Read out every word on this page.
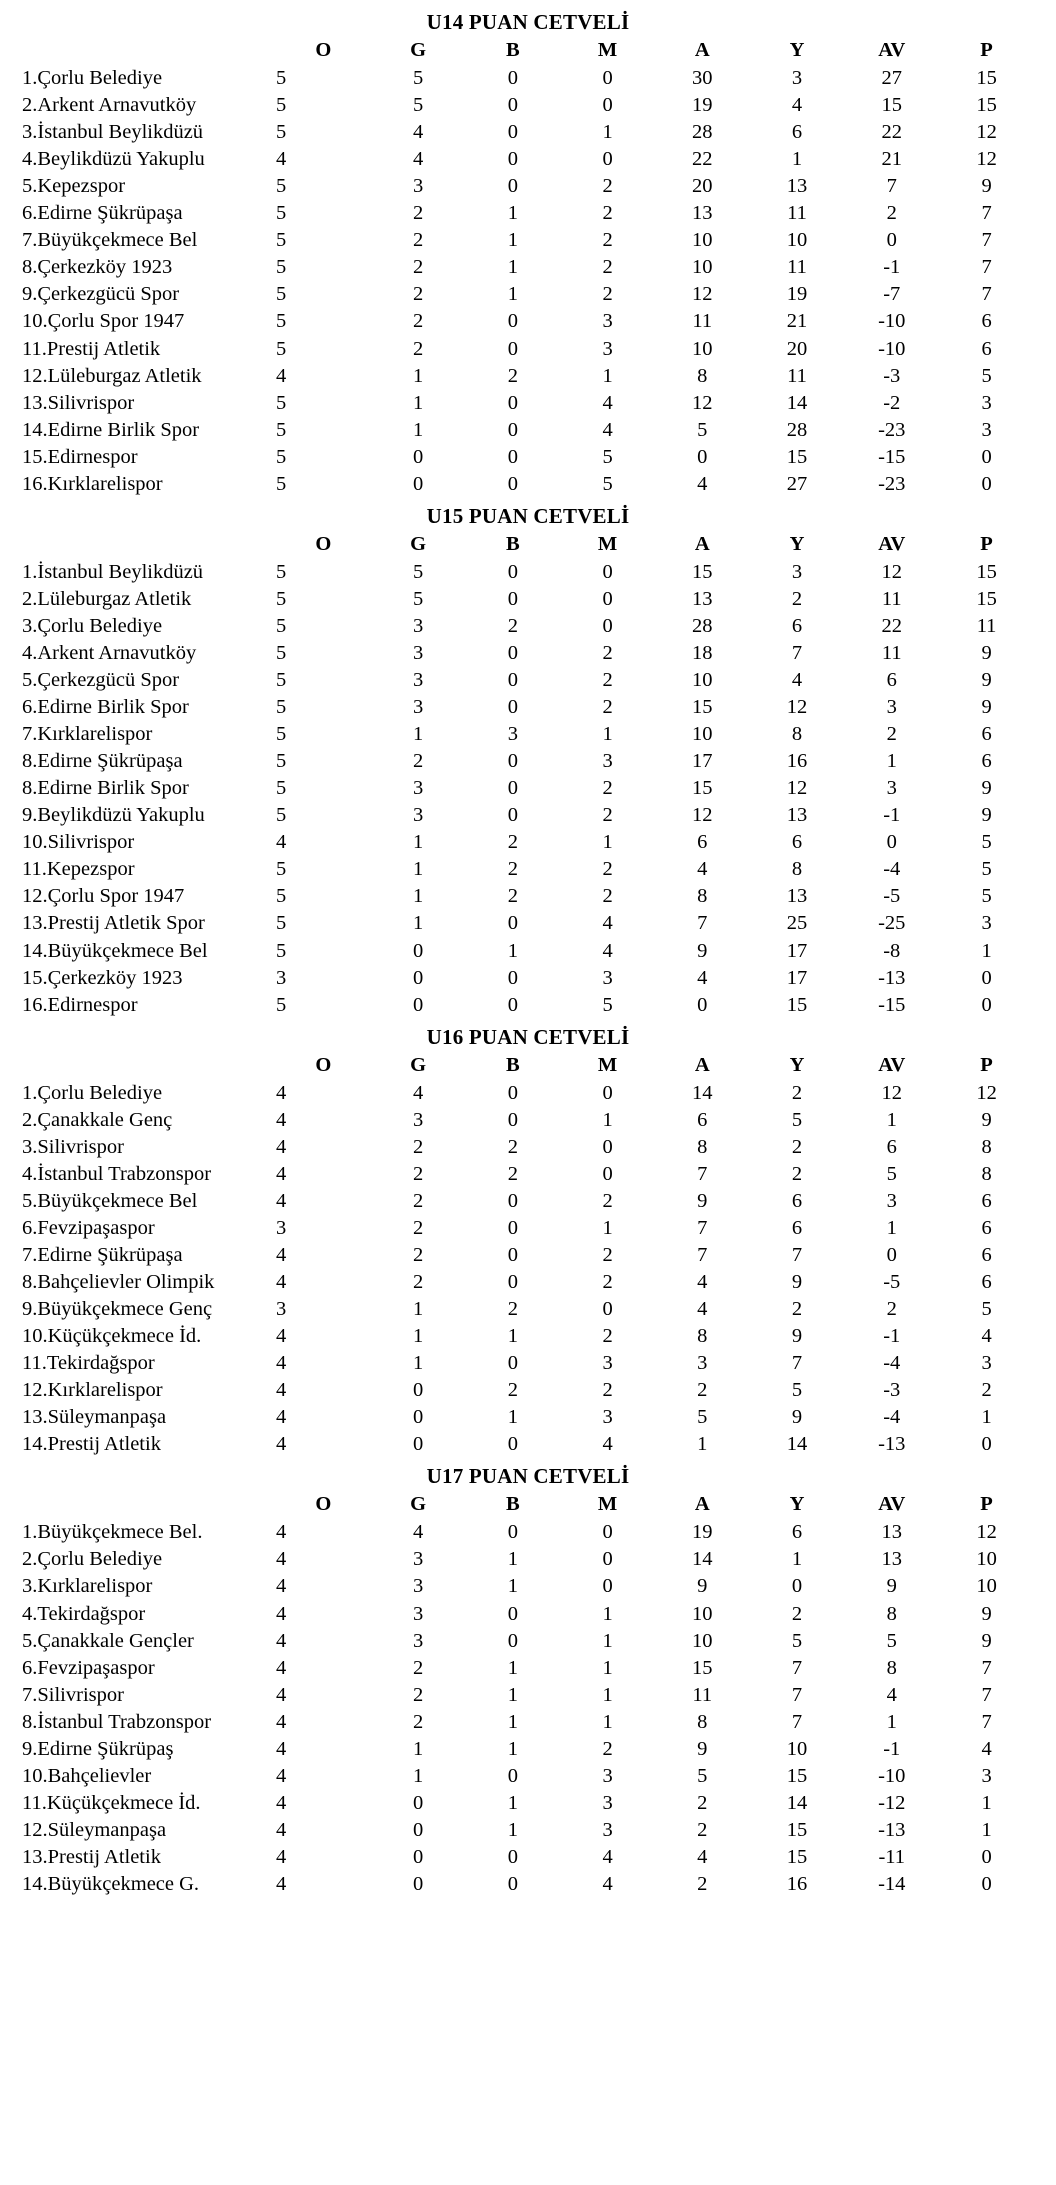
U14 PUAN CETVELİ
	O	G	B	M	A	Y	AV	P
1.Çorlu Belediye	5	5	0	0	30	3	27	15
2.Arkent Arnavutköy	5	5	0	0	19	4	15	15
3.İstanbul Beylikdüzü	5	4	0	1	28	6	22	12
4.Beylikdüzü Yakuplu	4	4	0	0	22	1	21	12
5.Kepezspor	5	3	0	2	20	13	7	9
6.Edirne Şükrüpaşa	5	2	1	2	13	11	2	7
7.Büyükçekmece Bel	5	2	1	2	10	10	0	7
8.Çerkezköy 1923	5	2	1	2	10	11	-1	7
9.Çerkezgücü Spor	5	2	1	2	12	19	-7	7
10.Çorlu Spor 1947	5	2	0	3	11	21	-10	6
11.Prestij Atletik	5	2	0	3	10	20	-10	6
12.Lüleburgaz Atletik	4	1	2	1	8	11	-3	5
13.Silivrispor	5	1	0	4	12	14	-2	3
14.Edirne Birlik Spor	5	1	0	4	5	28	-23	3
15.Edirnespor	5	0	0	5	0	15	-15	0
16.Kırklarelispor	5	0	0	5	4	27	-23	0
U15 PUAN CETVELİ
	O	G	B	M	A	Y	AV	P
1.İstanbul Beylikdüzü	5	5	0	0	15	3	12	15
2.Lüleburgaz Atletik	5	5	0	0	13	2	11	15
3.Çorlu Belediye	5	3	2	0	28	6	22	11
4.Arkent Arnavutköy	5	3	0	2	18	7	11	9
5.Çerkezgücü Spor	5	3	0	2	10	4	6	9
6.Edirne Birlik Spor	5	3	0	2	15	12	3	9
7.Kırklarelispor	5	1	3	1	10	8	2	6
8.Edirne Şükrüpaşa	5	2	0	3	17	16	1	6
8.Edirne Birlik Spor	5	3	0	2	15	12	3	9
9.Beylikdüzü Yakuplu	5	3	0	2	12	13	-1	9
10.Silivrispor	4	1	2	1	6	6	0	5
11.Kepezspor	5	1	2	2	4	8	-4	5
12.Çorlu Spor 1947	5	1	2	2	8	13	-5	5
13.Prestij Atletik Spor	5	1	0	4	7	25	-25	3
14.Büyükçekmece Bel	5	0	1	4	9	17	-8	1
15.Çerkezköy 1923	3	0	0	3	4	17	-13	0
16.Edirnespor	5	0	0	5	0	15	-15	0
U16 PUAN CETVELİ
	O	G	B	M	A	Y	AV	P
1.Çorlu Belediye	4	4	0	0	14	2	12	12
2.Çanakkale Genç	4	3	0	1	6	5	1	9
3.Silivrispor	4	2	2	0	8	2	6	8
4.İstanbul Trabzonspor	4	2	2	0	7	2	5	8
5.Büyükçekmece Bel	4	2	0	2	9	6	3	6
6.Fevzipaşaspor	3	2	0	1	7	6	1	6
7.Edirne Şükrüpaşa	4	2	0	2	7	7	0	6
8.Bahçelievler Olimpik	4	2	0	2	4	9	-5	6
9.Büyükçekmece Genç	3	1	2	0	4	2	2	5
10.Küçükçekmece İd.	4	1	1	2	8	9	-1	4
11.Tekirdağspor	4	1	0	3	3	7	-4	3
12.Kırklarelispor	4	0	2	2	2	5	-3	2
13.Süleymanpaşa	4	0	1	3	5	9	-4	1
14.Prestij Atletik	4	0	0	4	1	14	-13	0
U17 PUAN CETVELİ
	O	G	B	M	A	Y	AV	P
1.Büyükçekmece Bel.	4	4	0	0	19	6	13	12
2.Çorlu Belediye	4	3	1	0	14	1	13	10
3.Kırklarelispor	4	3	1	0	9	0	9	10
4.Tekirdağspor	4	3	0	1	10	2	8	9
5.Çanakkale Gençler	4	3	0	1	10	5	5	9
6.Fevzipaşaspor	4	2	1	1	15	7	8	7
7.Silivrispor	4	2	1	1	11	7	4	7
8.İstanbul Trabzonspor	4	2	1	1	8	7	1	7
9.Edirne Şükrüpaş	4	1	1	2	9	10	-1	4
10.Bahçelievler	4	1	0	3	5	15	-10	3
11.Küçükçekmece İd.	4	0	1	3	2	14	-12	1
12.Süleymanpaşa	4	0	1	3	2	15	-13	1
13.Prestij Atletik	4	0	0	4	4	15	-11	0
14.Büyükçekmece G.	4	0	0	4	2	16	-14	0
